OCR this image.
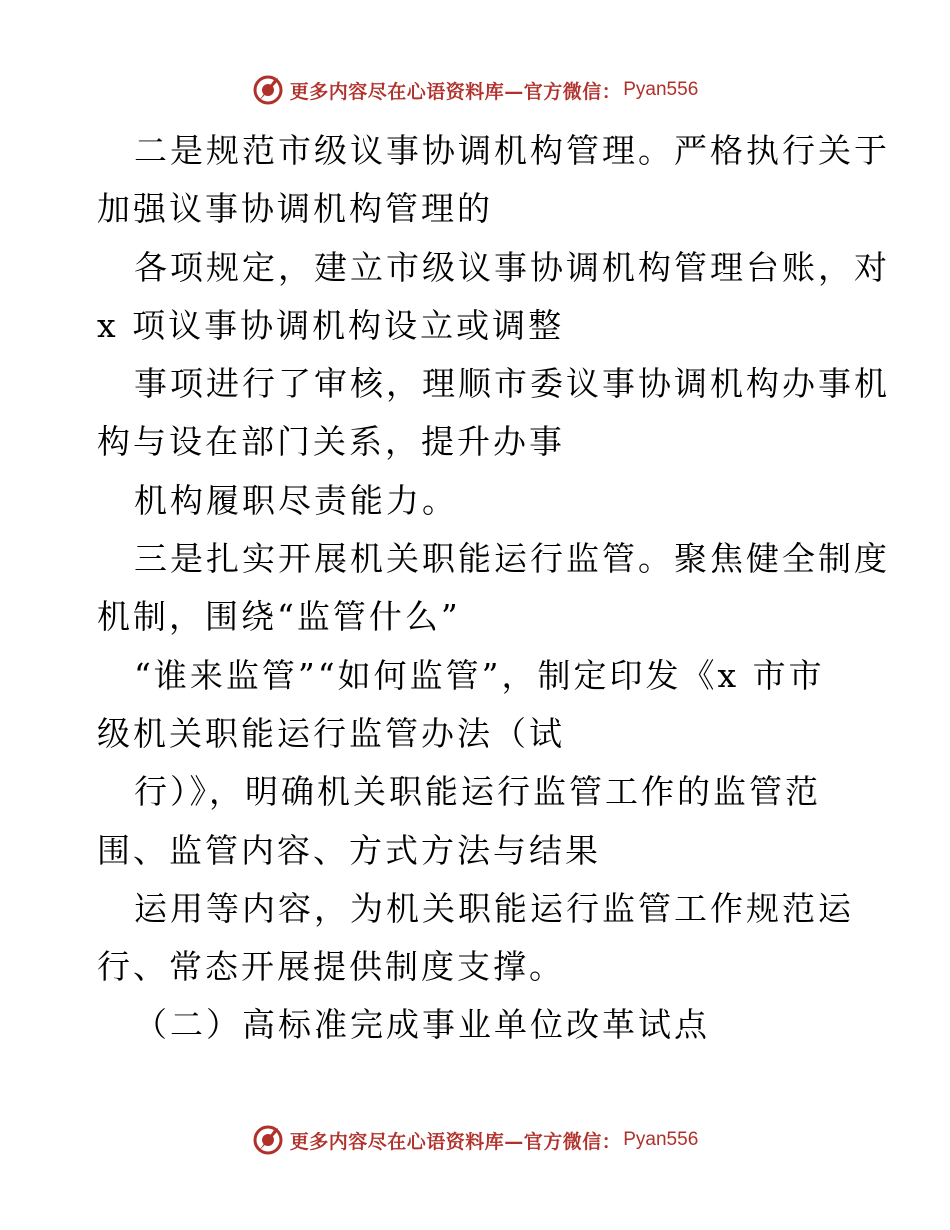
更多内容尽在心语资料库—官方微信： Pyan556
二是规范市级议事协调机构管理。严格执行关于
加强议事协调机构管理的
各项规定，建立市级议事协调机构管理台账，对
x 项议事协调机构设立或调整
事项进行了审核，理顺市委议事协调机构办事机
构与设在部门关系，提升办事
机构履职尽责能力。
三是扎实开展机关职能运行监管。聚焦健全制度
机制，围绕“监管什么”
“谁来监管”“如何监管”，制定印发《x 市市
级机关职能运行监管办法（试
行）》，明确机关职能运行监管工作的监管范
围、监管内容、方式方法与结果
运用等内容，为机关职能运行监管工作规范运
行、常态开展提供制度支撑。
（二）高标准完成事业单位改革试点
更多内容尽在心语资料库—官方微信： Pyan556
